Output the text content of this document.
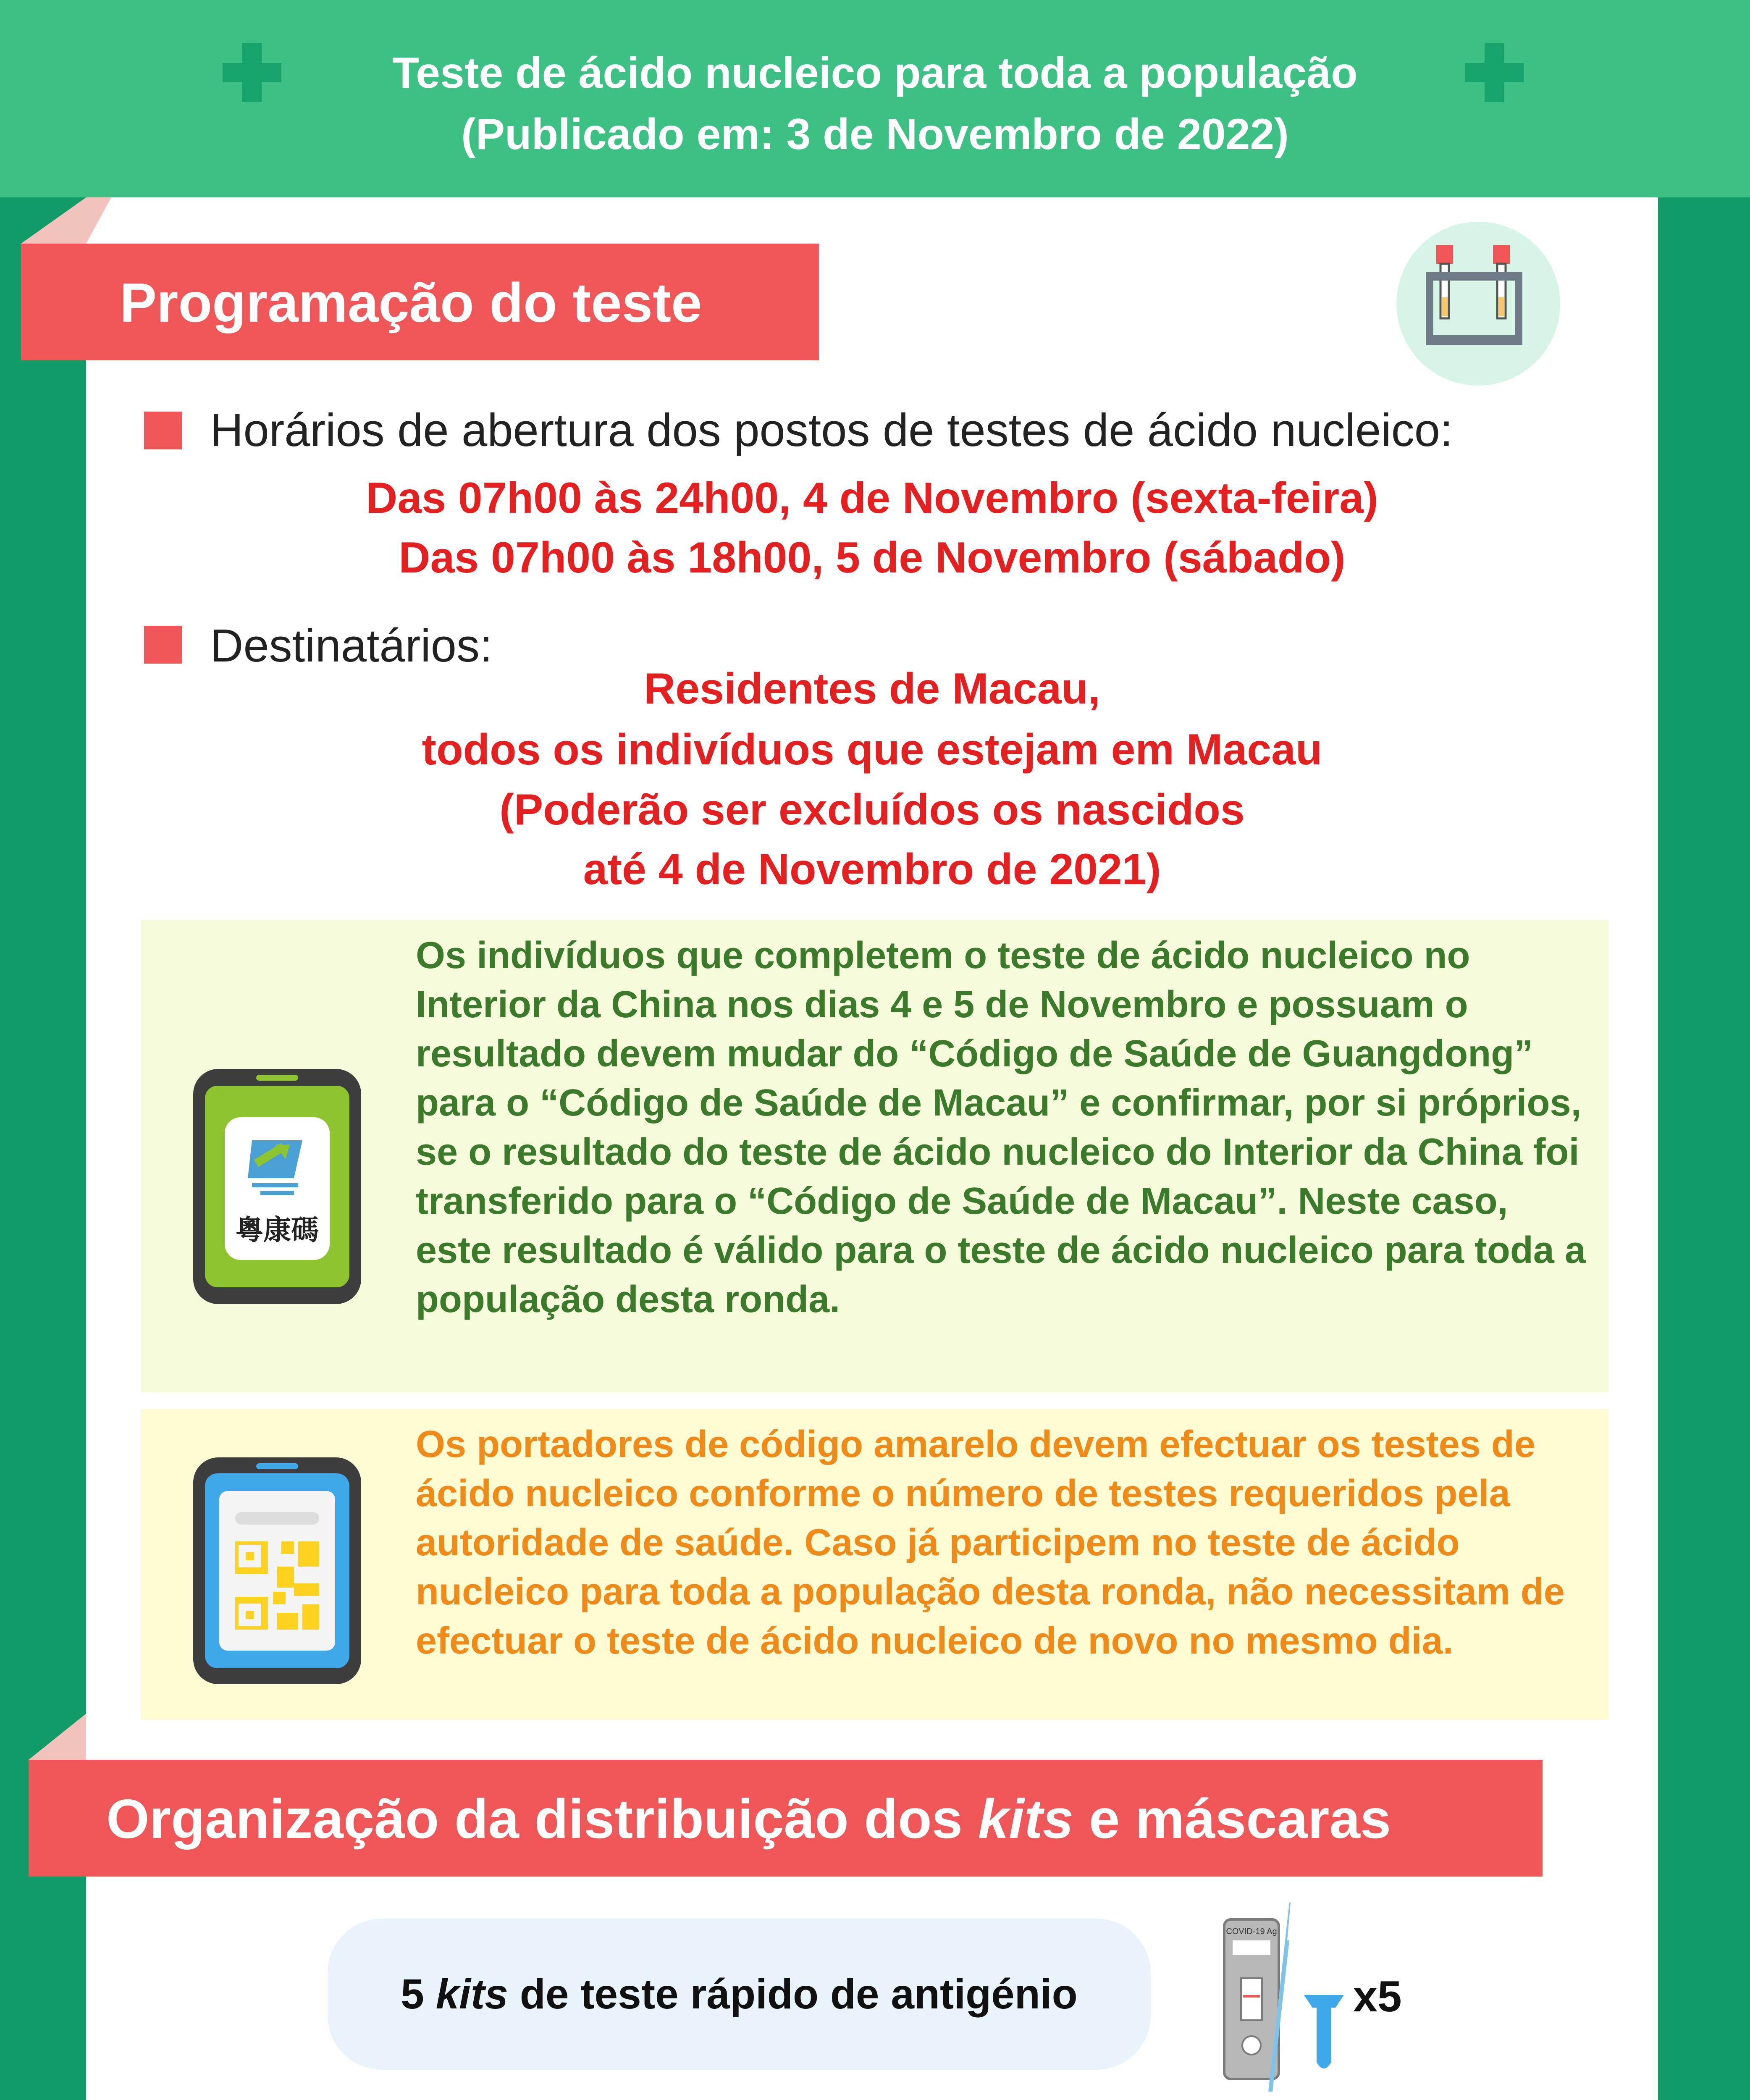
Teste de ácido nucleico para toda a população
(Publicado em: 3 de Novembro de 2022)
Programação do teste
Horários de abertura dos postos de testes de ácido nucleico:
Das 07h00 às 24h00, 4 de Novembro (sexta-feira)
Das 07h00 às 18h00, 5 de Novembro (sábado)
Destinatários:
Residentes de Macau,
todos os indivíduos que estejam em Macau
(Poderão ser excluídos os nascidos
até 4 de Novembro de 2021)
Os indivíduos que completem o teste de ácido nucleico no Interior da China nos dias 4 e 5 de Novembro e possuam o resultado devem mudar do “Código de Saúde de Guangdong” para o “Código de Saúde de Macau” e confirmar, por si próprios, se o resultado do teste de ácido nucleico do Interior da China foi transferido para o “Código de Saúde de Macau”. Neste caso, este resultado é válido para o teste de ácido nucleico para toda a população desta ronda.
粵康碼
Os portadores de código amarelo devem efectuar os testes de ácido nucleico conforme o número de testes requeridos pela autoridade de saúde. Caso já participem no teste de ácido nucleico para toda a população desta ronda, não necessitam de efectuar o teste de ácido nucleico de novo no mesmo dia.
Organização da distribuição dos kits e máscaras
5 kits de teste rápido de antigénio
COVID-19 Ag
x5
